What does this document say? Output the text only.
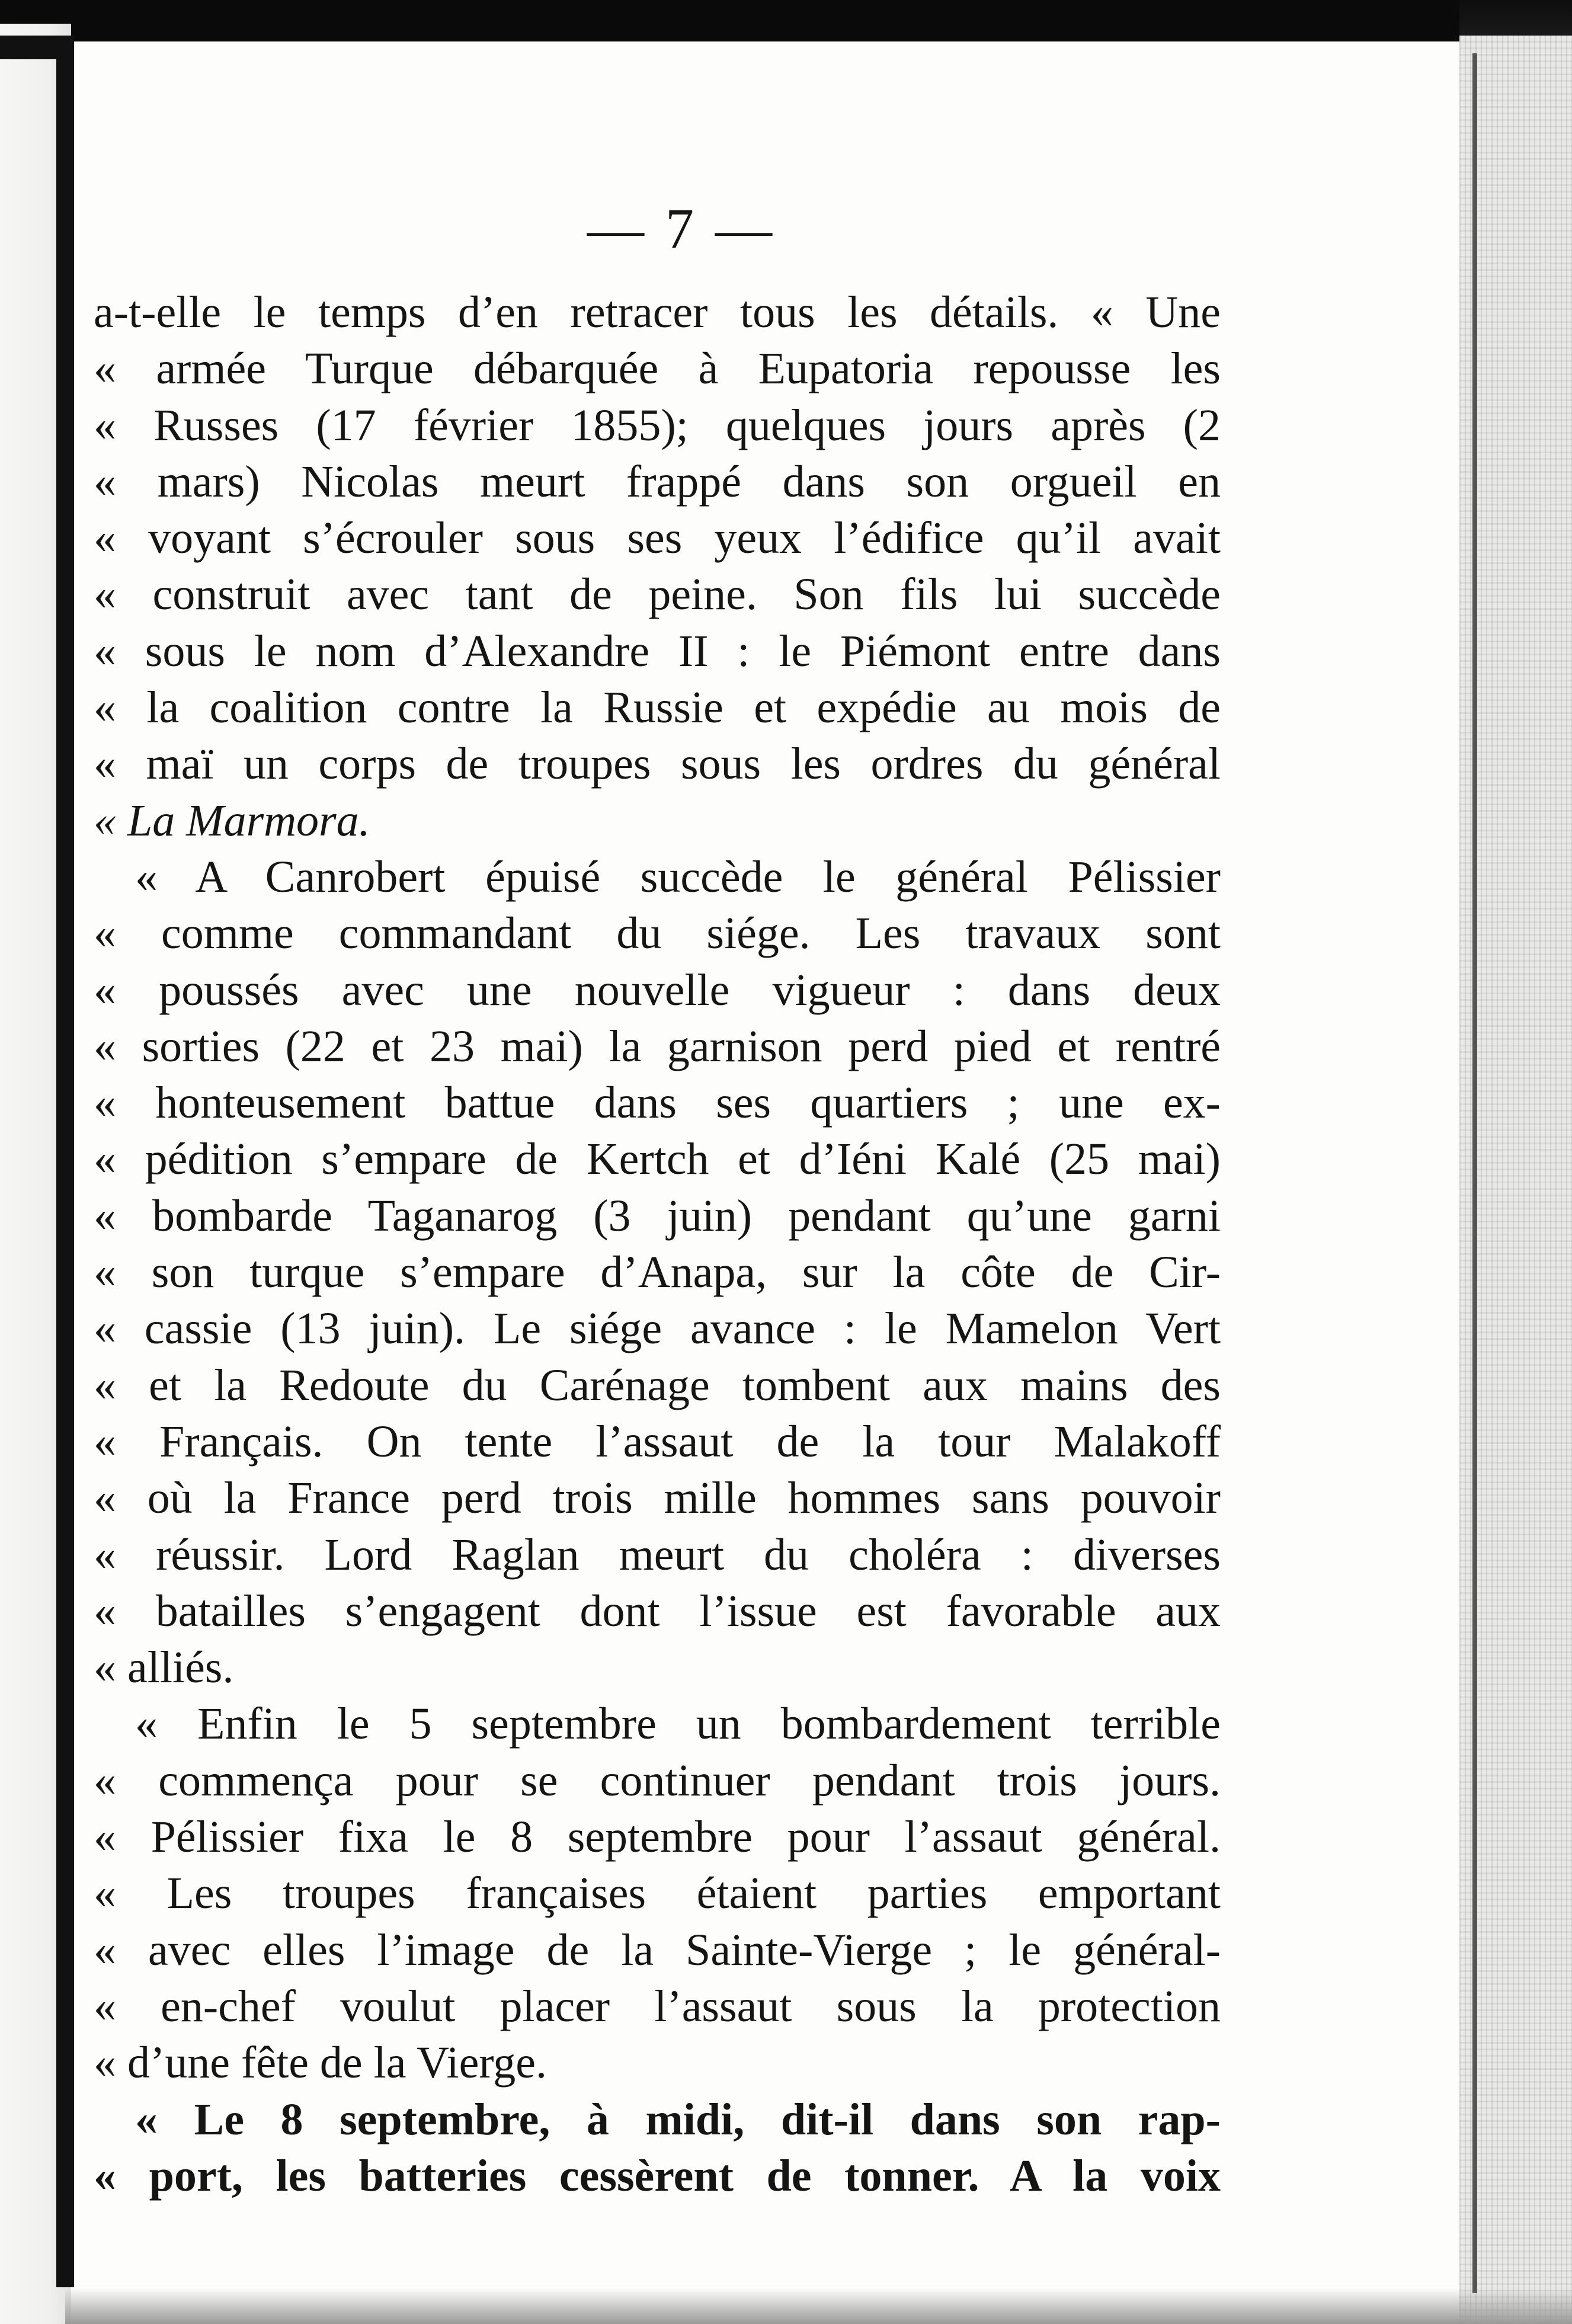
— 7 —
a-t-elle le temps d’en retracer tous les détails. « Une
« armée Turque débarquée à Eupatoria repousse les
« Russes (17 février 1855); quelques jours après (2
« mars) Nicolas meurt frappé dans son orgueil en
« voyant s’écrouler sous ses yeux l’édifice qu’il avait
« construit avec tant de peine. Son fils lui succède
« sous le nom d’Alexandre II : le Piémont entre dans
« la coalition contre la Russie et expédie au mois de
« maï un corps de troupes sous les ordres du général
« La Marmora.
« A Canrobert épuisé succède le général Pélissier
« comme commandant du siége. Les travaux sont
« poussés avec une nouvelle vigueur : dans deux
« sorties (22 et 23 mai) la garnison perd pied et rentré
« honteusement battue dans ses quartiers ; une ex-
« pédition s’empare de Kertch et d’Iéni Kalé (25 mai)
« bombarde Taganarog (3 juin) pendant qu’une garni
« son turque s’empare d’Anapa, sur la côte de Cir-
« cassie (13 juin). Le siége avance : le Mamelon Vert
« et la Redoute du Carénage tombent aux mains des
« Français. On tente l’assaut de la tour Malakoff
« où la France perd trois mille hommes sans pouvoir
« réussir. Lord Raglan meurt du choléra : diverses
« batailles s’engagent dont l’issue est favorable aux
« alliés.
« Enfin le 5 septembre un bombardement terrible
« commença pour se continuer pendant trois jours.
« Pélissier fixa le 8 septembre pour l’assaut général.
« Les troupes françaises étaient parties emportant
« avec elles l’image de la Sainte-Vierge ; le général-
« en-chef voulut placer l’assaut sous la protection
« d’une fête de la Vierge.
« Le 8 septembre, à midi, dit-il dans son rap-
« port, les batteries cessèrent de tonner. A la voix
